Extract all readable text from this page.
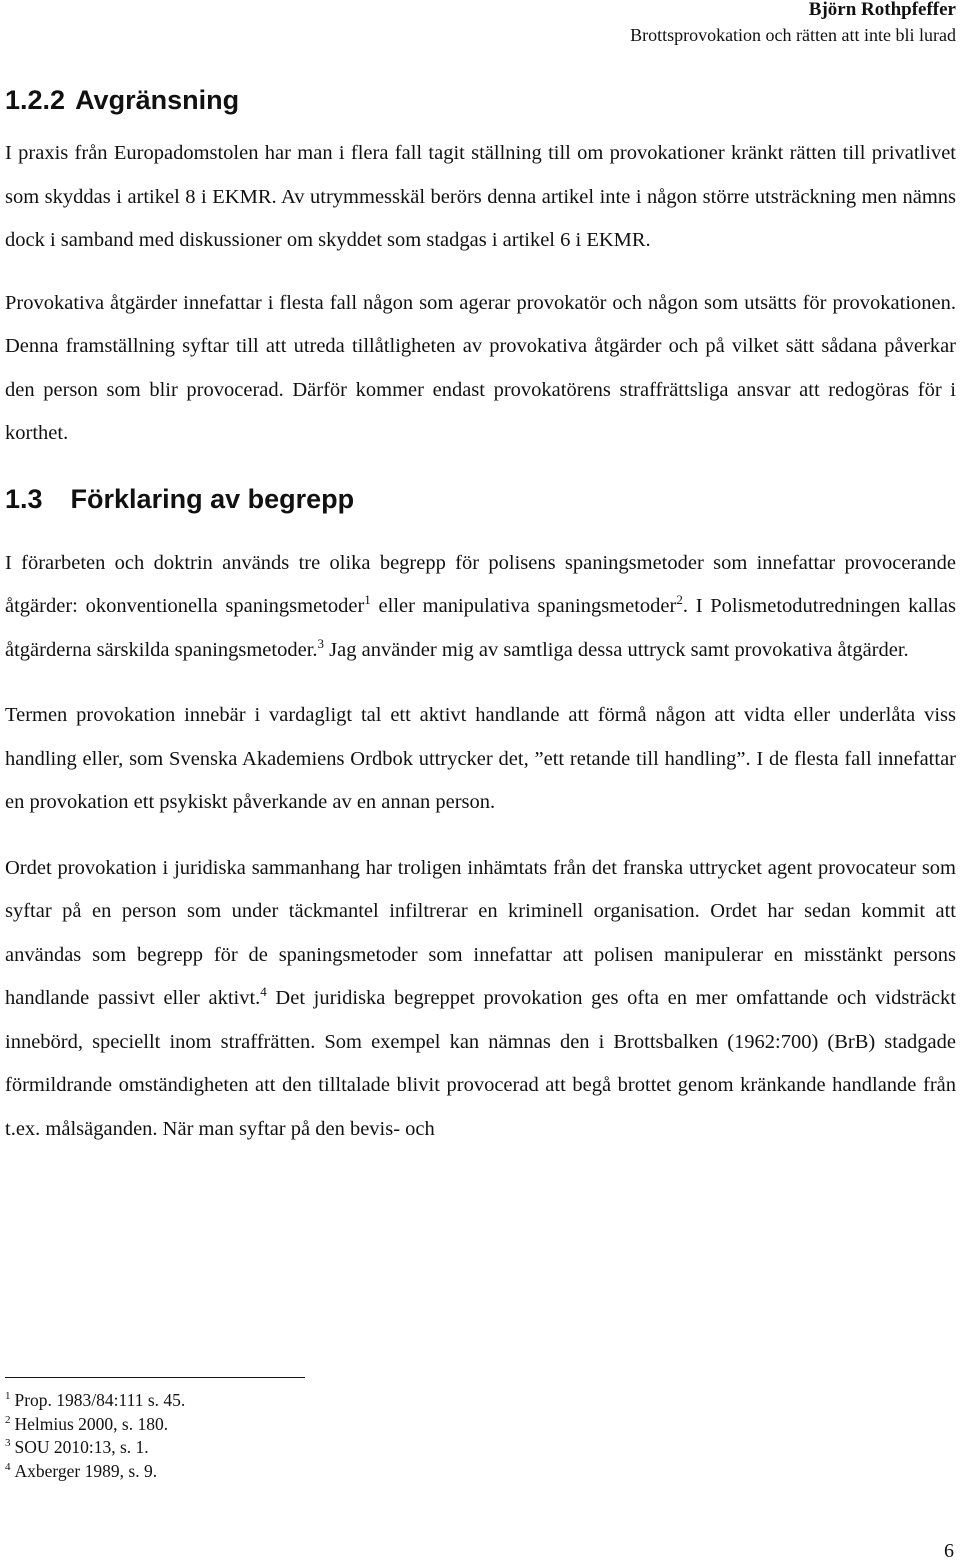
Björn Rothpfeffer
Brottsprovokation och rätten att inte bli lurad
1.2.2 Avgränsning

I praxis från Europadomstolen har man i flera fall tagit ställning till om provokationer kränkt rätten till privatlivet som skyddas i artikel 8 i EKMR. Av utrymmesskäl berörs denna artikel inte i någon större utsträckning men nämns dock i samband med diskussioner om skyddet som stadgas i artikel 6 i EKMR.

Provokativa åtgärder innefattar i flesta fall någon som agerar provokatör och någon som utsätts för provokationen. Denna framställning syftar till att utreda tillåtligheten av provokativa åtgärder och på vilket sätt sådana påverkar den person som blir provocerad. Därför kommer endast provokatörens straffrättsliga ansvar att redogöras för i korthet.

1.3 Förklaring av begrepp

I förarbeten och doktrin används tre olika begrepp för polisens spaningsmetoder som innefattar provocerande åtgärder: okonventionella spaningsmetoder$^1$ eller manipulativa spaningsmetoder$^2$. I Polismetodutredningen kallas åtgärderna särskilda spaningsmetoder.$^3$ Jag använder mig av samtliga dessa uttryck samt provokativa åtgärder.

Termen provokation innebär i vardagligt tal ett aktivt handlande att förmå någon att vidta eller underlåta viss handling eller, som Svenska Akademiens Ordbok uttrycker det, ”ett retande till handling”. I de flesta fall innefattar en provokation ett psykiskt påverkande av en annan person.

Ordet provokation i juridiska sammanhang har troligen inhämtats från det franska uttrycket agent provocateur som syftar på en person som under täckmantel infiltrerar en kriminell organisation. Ordet har sedan kommit att användas som begrepp för de spaningsmetoder som innefattar att polisen manipulerar en misstänkt persons handlande passivt eller aktivt.$^4$ Det juridiska begreppet provokation ges ofta en mer omfattande och vidsträckt innebörd, speciellt inom straffrätten. Som exempel kan nämnas den i Brottsbalken (1962:700) (BrB) stadgade förmildrande omständigheten att den tilltalade blivit provocerad att begå brottet genom kränkande handlande från t.ex. målsäganden. När man syftar på den bevis- och

$^1$ Prop. 1983/84:111 s. 45.
$^2$ Helmius 2000, s. 180.
$^3$ SOU 2010:13, s. 1.
$^4$ Axberger 1989, s. 9.
6
